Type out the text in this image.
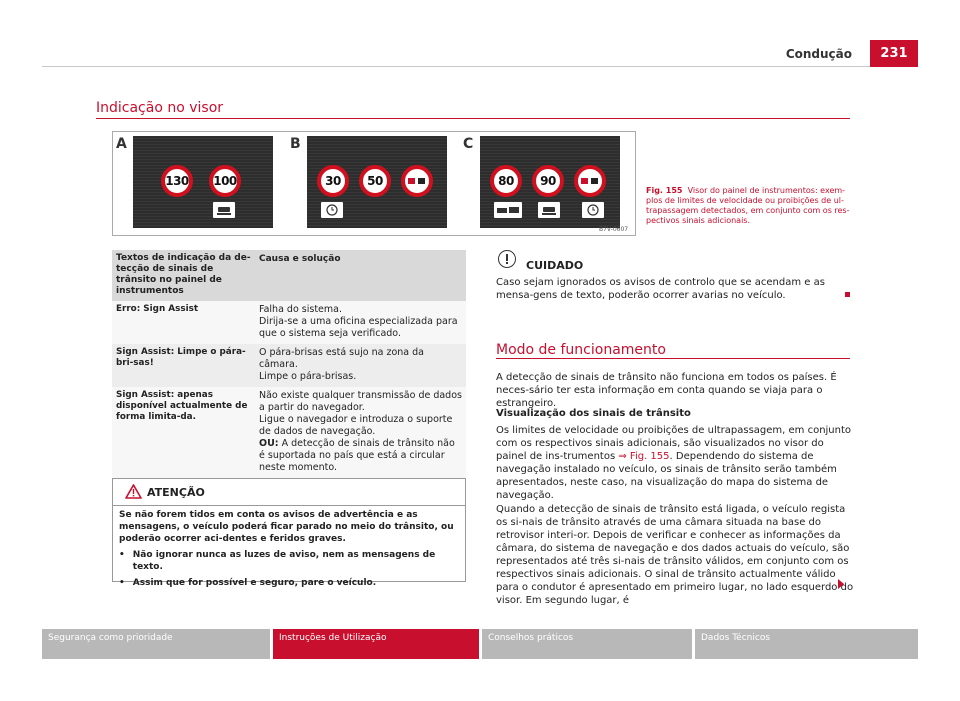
Condução	231
Indicação no visor
A
130 100
B
30 50
C
80 90
B7V-0607
Fig. 155 Visor do painel de instrumentos: exem-plos de limites de velocidade ou proibições de ul-trapassagem detectados, em conjunto com os res-pectivos sinais adicionais.
Textos de indicação da de-tecção de sinais de trânsito no painel de instrumentos	Causa e solução
Erro: Sign Assist	Falha do sistema.
Dirija-se a uma oficina especializada para que o sistema seja verificado.

Sign Assist: Limpe o pára-bri-sas!	O pára-brisas está sujo na zona da câmara.
Limpe o pára-brisas.

Sign Assist: apenas disponível actualmente de forma limita-da.	Não existe qualquer transmissão de dados a partir do navegador.
Ligue o navegador e introduza o suporte de dados de navegação.
OU: A detecção de sinais de trânsito não é suportada no país que está a circular neste momento.
ATENÇÃO

Se não forem tidos em conta os avisos de advertência e as mensagens, o veículo poderá ficar parado no meio do trânsito, ou poderão ocorrer aci-dentes e feridos graves.

• Não ignorar nunca as luzes de aviso, nem as mensagens de texto.
• Assim que for possível e seguro, pare o veículo.
CUIDADO
Caso sejam ignorados os avisos de controlo que se acendam e as mensa-gens de texto, poderão ocorrer avarias no veículo.
Modo de funcionamento
A detecção de sinais de trânsito não funciona em todos os países. É neces-sário ter esta informação em conta quando se viaja para o estrangeiro.
Visualização dos sinais de trânsito
Os limites de velocidade ou proibições de ultrapassagem, em conjunto com os respectivos sinais adicionais, são visualizados no visor do painel de ins-trumentos ⇒ Fig. 155. Dependendo do sistema de navegação instalado no veículo, os sinais de trânsito serão também apresentados, neste caso, na visualização do mapa do sistema de navegação.
Quando a detecção de sinais de trânsito está ligada, o veículo regista os si-nais de trânsito através de uma câmara situada na base do retrovisor interi-or. Depois de verificar e conhecer as informações da câmara, do sistema de navegação e dos dados actuais do veículo, são representados até três si-nais de trânsito válidos, em conjunto com os respectivos sinais adicionais. O sinal de trânsito actualmente válido para o condutor é apresentado em primeiro lugar, no lado esquerdo do visor. Em segundo lugar, é
Segurança como prioridade	Instruções de Utilização	Conselhos práticos	Dados Técnicos
